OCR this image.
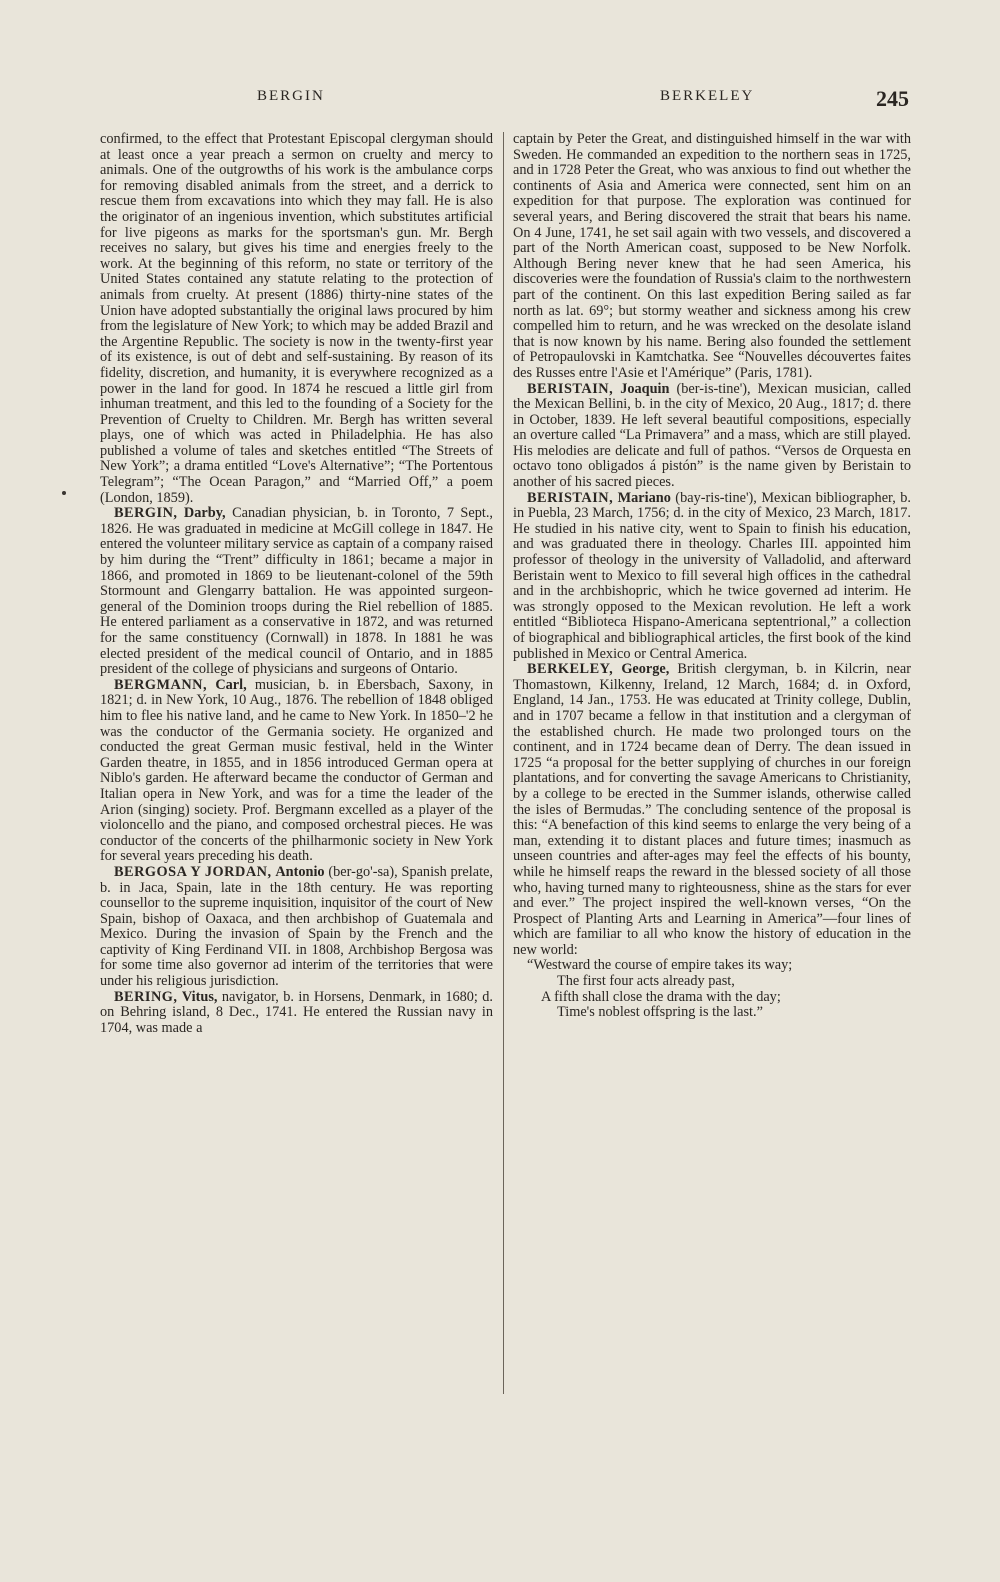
BERGIN	BERKELEY	245

confirmed, to the effect that Protestant Episcopal clergyman should at least once a year preach a sermon on cruelty and mercy to animals. One of the outgrowths of his work is the ambulance corps for removing disabled animals from the street, and a derrick to rescue them from excavations into which they may fall. He is also the originator of an ingenious invention, which substitutes artificial for live pigeons as marks for the sportsman's gun. Mr. Bergh receives no salary, but gives his time and energies freely to the work. At the beginning of this reform, no state or territory of the United States contained any statute relating to the protection of animals from cruelty. At present (1886) thirty-nine states of the Union have adopted substantially the original laws procured by him from the legislature of New York; to which may be added Brazil and the Argentine Republic. The society is now in the twenty-first year of its existence, is out of debt and self-sustaining. By reason of its fidelity, discretion, and humanity, it is everywhere recognized as a power in the land for good. In 1874 he rescued a little girl from inhuman treatment, and this led to the founding of a Society for the Prevention of Cruelty to Children. Mr. Bergh has written several plays, one of which was acted in Philadelphia. He has also published a volume of tales and sketches entitled “The Streets of New York”; a drama entitled “Love's Alternative”; “The Portentous Telegram”; “The Ocean Paragon,” and “Married Off,” a poem (London, 1859).

BERGIN, Darby, Canadian physician, b. in Toronto, 7 Sept., 1826. He was graduated in medicine at McGill college in 1847. He entered the volunteer military service as captain of a company raised by him during the “Trent” difficulty in 1861; became a major in 1866, and promoted in 1869 to be lieutenant-colonel of the 59th Stormount and Glengarry battalion. He was appointed surgeon-general of the Dominion troops during the Riel rebellion of 1885. He entered parliament as a conservative in 1872, and was returned for the same constituency (Cornwall) in 1878. In 1881 he was elected president of the medical council of Ontario, and in 1885 president of the college of physicians and surgeons of Ontario.

BERGMANN, Carl, musician, b. in Ebersbach, Saxony, in 1821; d. in New York, 10 Aug., 1876. The rebellion of 1848 obliged him to flee his native land, and he came to New York. In 1850–'2 he was the conductor of the Germania society. He organized and conducted the great German music festival, held in the Winter Garden theatre, in 1855, and in 1856 introduced German opera at Niblo's garden. He afterward became the conductor of German and Italian opera in New York, and was for a time the leader of the Arion (singing) society. Prof. Bergmann excelled as a player of the violoncello and the piano, and composed orchestral pieces. He was conductor of the concerts of the philharmonic society in New York for several years preceding his death.

BERGOSA Y JORDAN, Antonio (ber-go'-sa), Spanish prelate, b. in Jaca, Spain, late in the 18th century. He was reporting counsellor to the supreme inquisition, inquisitor of the court of New Spain, bishop of Oaxaca, and then archbishop of Guatemala and Mexico. During the invasion of Spain by the French and the captivity of King Ferdinand VII. in 1808, Archbishop Bergosa was for some time also governor ad interim of the territories that were under his religious jurisdiction.

BERING, Vitus, navigator, b. in Horsens, Denmark, in 1680; d. on Behring island, 8 Dec., 1741. He entered the Russian navy in 1704, was made a

captain by Peter the Great, and distinguished himself in the war with Sweden. He commanded an expedition to the northern seas in 1725, and in 1728 Peter the Great, who was anxious to find out whether the continents of Asia and America were connected, sent him on an expedition for that purpose. The exploration was continued for several years, and Bering discovered the strait that bears his name. On 4 June, 1741, he set sail again with two vessels, and discovered a part of the North American coast, supposed to be New Norfolk. Although Bering never knew that he had seen America, his discoveries were the foundation of Russia's claim to the northwestern part of the continent. On this last expedition Bering sailed as far north as lat. 69°; but stormy weather and sickness among his crew compelled him to return, and he was wrecked on the desolate island that is now known by his name. Bering also founded the settlement of Petropaulovski in Kamtchatka. See “Nouvelles découvertes faites des Russes entre l'Asie et l'Amérique” (Paris, 1781).

BERISTAIN, Joaquin (ber-is-tine'), Mexican musician, called the Mexican Bellini, b. in the city of Mexico, 20 Aug., 1817; d. there in October, 1839. He left several beautiful compositions, especially an overture called “La Primavera” and a mass, which are still played. His melodies are delicate and full of pathos. “Versos de Orquesta en octavo tono obligados á pistón” is the name given by Beristain to another of his sacred pieces.

BERISTAIN, Mariano (bay-ris-tine'), Mexican bibliographer, b. in Puebla, 23 March, 1756; d. in the city of Mexico, 23 March, 1817. He studied in his native city, went to Spain to finish his education, and was graduated there in theology. Charles III. appointed him professor of theology in the university of Valladolid, and afterward Beristain went to Mexico to fill several high offices in the cathedral and in the archbishopric, which he twice governed ad interim. He was strongly opposed to the Mexican revolution. He left a work entitled “Biblioteca Hispano-Americana septentrional,” a collection of biographical and bibliographical articles, the first book of the kind published in Mexico or Central America.

BERKELEY, George, British clergyman, b. in Kilcrin, near Thomastown, Kilkenny, Ireland, 12 March, 1684; d. in Oxford, England, 14 Jan., 1753. He was educated at Trinity college, Dublin, and in 1707 became a fellow in that institution and a clergyman of the established church. He made two prolonged tours on the continent, and in 1724 became dean of Derry. The dean issued in 1725 “a proposal for the better supplying of churches in our foreign plantations, and for converting the savage Americans to Christianity, by a college to be erected in the Summer islands, otherwise called the isles of Bermudas.” The concluding sentence of the proposal is this: “A benefaction of this kind seems to enlarge the very being of a man, extending it to distant places and future times; inasmuch as unseen countries and after-ages may feel the effects of his bounty, while he himself reaps the reward in the blessed society of all those who, having turned many to righteousness, shine as the stars for ever and ever.” The project inspired the well-known verses, “On the Prospect of Planting Arts and Learning in America”—four lines of which are familiar to all who know the history of education in the new world:

“Westward the course of empire takes its way;
The first four acts already past,
A fifth shall close the drama with the day;
Time's noblest offspring is the last.”
